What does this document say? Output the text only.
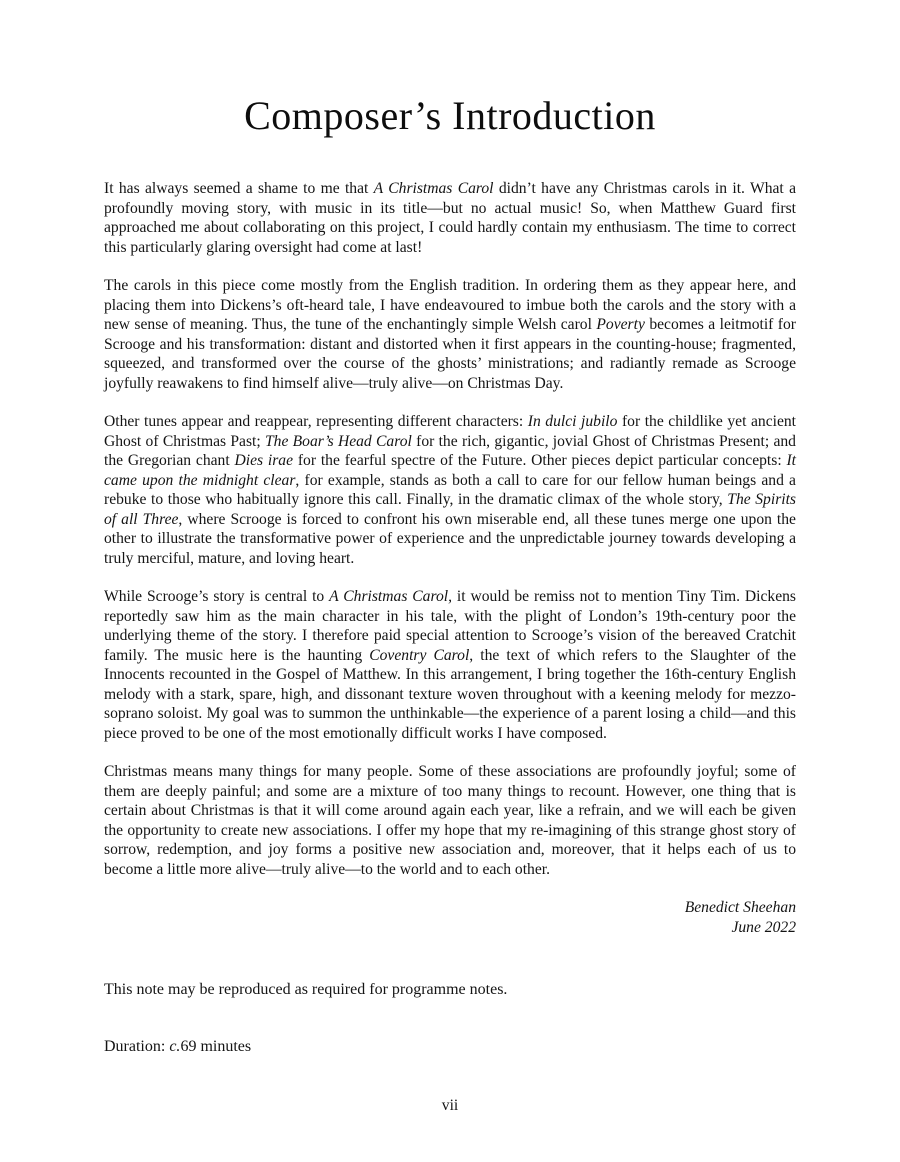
Composer’s Introduction

It has always seemed a shame to me that A Christmas Carol didn’t have any Christmas carols in it. What a profoundly moving story, with music in its title—but no actual music! So, when Matthew Guard first approached me about collaborating on this project, I could hardly contain my enthusiasm. The time to correct this particularly glaring oversight had come at last!

The carols in this piece come mostly from the English tradition. In ordering them as they appear here, and placing them into Dickens’s oft-heard tale, I have endeavoured to imbue both the carols and the story with a new sense of meaning. Thus, the tune of the enchantingly simple Welsh carol Poverty becomes a leitmotif for Scrooge and his transformation: distant and distorted when it first appears in the counting-house; fragmented, squeezed, and transformed over the course of the ghosts’ ministrations; and radiantly remade as Scrooge joyfully reawakens to find himself alive—truly alive—on Christmas Day.

Other tunes appear and reappear, representing different characters: In dulci jubilo for the childlike yet ancient Ghost of Christmas Past; The Boar’s Head Carol for the rich, gigantic, jovial Ghost of Christmas Present; and the Gregorian chant Dies irae for the fearful spectre of the Future. Other pieces depict particular concepts: It came upon the midnight clear, for example, stands as both a call to care for our fellow human beings and a rebuke to those who habitually ignore this call. Finally, in the dramatic climax of the whole story, The Spirits of all Three, where Scrooge is forced to confront his own miserable end, all these tunes merge one upon the other to illustrate the transformative power of experience and the unpredictable journey towards developing a truly merciful, mature, and loving heart.

While Scrooge’s story is central to A Christmas Carol, it would be remiss not to mention Tiny Tim. Dickens reportedly saw him as the main character in his tale, with the plight of London’s 19th-century poor the underlying theme of the story. I therefore paid special attention to Scrooge’s vision of the bereaved Cratchit family. The music here is the haunting Coventry Carol, the text of which refers to the Slaughter of the Innocents recounted in the Gospel of Matthew. In this arrangement, I bring together the 16th-century English melody with a stark, spare, high, and dissonant texture woven throughout with a keening melody for mezzo-soprano soloist. My goal was to summon the unthinkable—the experience of a parent losing a child—and this piece proved to be one of the most emotionally difficult works I have composed.

Christmas means many things for many people. Some of these associations are profoundly joyful; some of them are deeply painful; and some are a mixture of too many things to recount. However, one thing that is certain about Christmas is that it will come around again each year, like a refrain, and we will each be given the opportunity to create new associations. I offer my hope that my re-imagining of this strange ghost story of sorrow, redemption, and joy forms a positive new association and, moreover, that it helps each of us to become a little more alive—truly alive—to the world and to each other.

Benedict Sheehan
June 2022

This note may be reproduced as required for programme notes.

Duration: c.69 minutes

vii
